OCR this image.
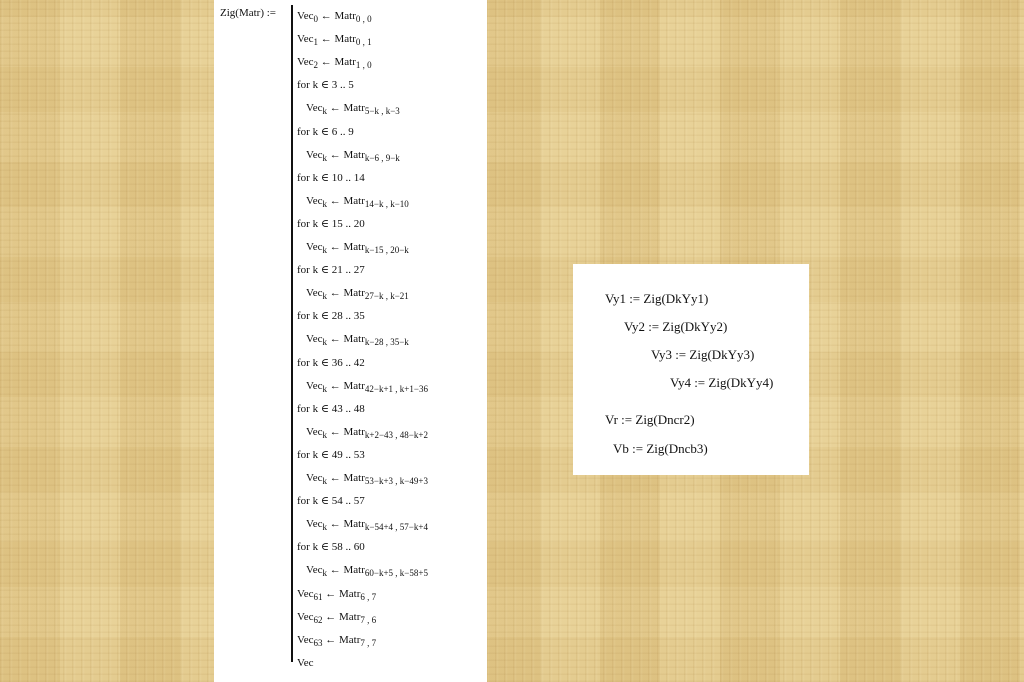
Zig(Matr) := Vec$_0$ ← Matr$_{0 , 0}$
Vec$_1$ ← Matr$_{0 , 1}$
Vec$_2$ ← Matr$_{1 , 0}$
for k ∈ 3 .. 5
Vec$_k$ ← Matr$_{5-k , k-3}$
for k ∈ 6 .. 9
Vec$_k$ ← Matr$_{k-6 , 9-k}$
for k ∈ 10 .. 14
Vec$_k$ ← Matr$_{14-k , k-10}$
for k ∈ 15 .. 20
Vec$_k$ ← Matr$_{k-15 , 20-k}$
for k ∈ 21 .. 27
Vec$_k$ ← Matr$_{27-k , k-21}$
for k ∈ 28 .. 35
Vec$_k$ ← Matr$_{k-28 , 35-k}$
for k ∈ 36 .. 42
Vec$_k$ ← Matr$_{42-k+1 , k+1-36}$
for k ∈ 43 .. 48
Vec$_k$ ← Matr$_{k+2-43 , 48-k+2}$
for k ∈ 49 .. 53
Vec$_k$ ← Matr$_{53-k+3 , k-49+3}$
for k ∈ 54 .. 57
Vec$_k$ ← Matr$_{k-54+4 , 57-k+4}$
for k ∈ 58 .. 60
Vec$_k$ ← Matr$_{60-k+5 , k-58+5}$
Vec$_{61}$ ← Matr$_{6 , 7}$
Vec$_{62}$ ← Matr$_{7 , 6}$
Vec$_{63}$ ← Matr$_{7 , 7}$
Vec
Vy1 := Zig(DkYy1)
Vy2 := Zig(DkYy2)
Vy3 := Zig(DkYy3)
Vy4 := Zig(DkYy4)
Vr := Zig(Dncr2)
Vb := Zig(Dncb3)
